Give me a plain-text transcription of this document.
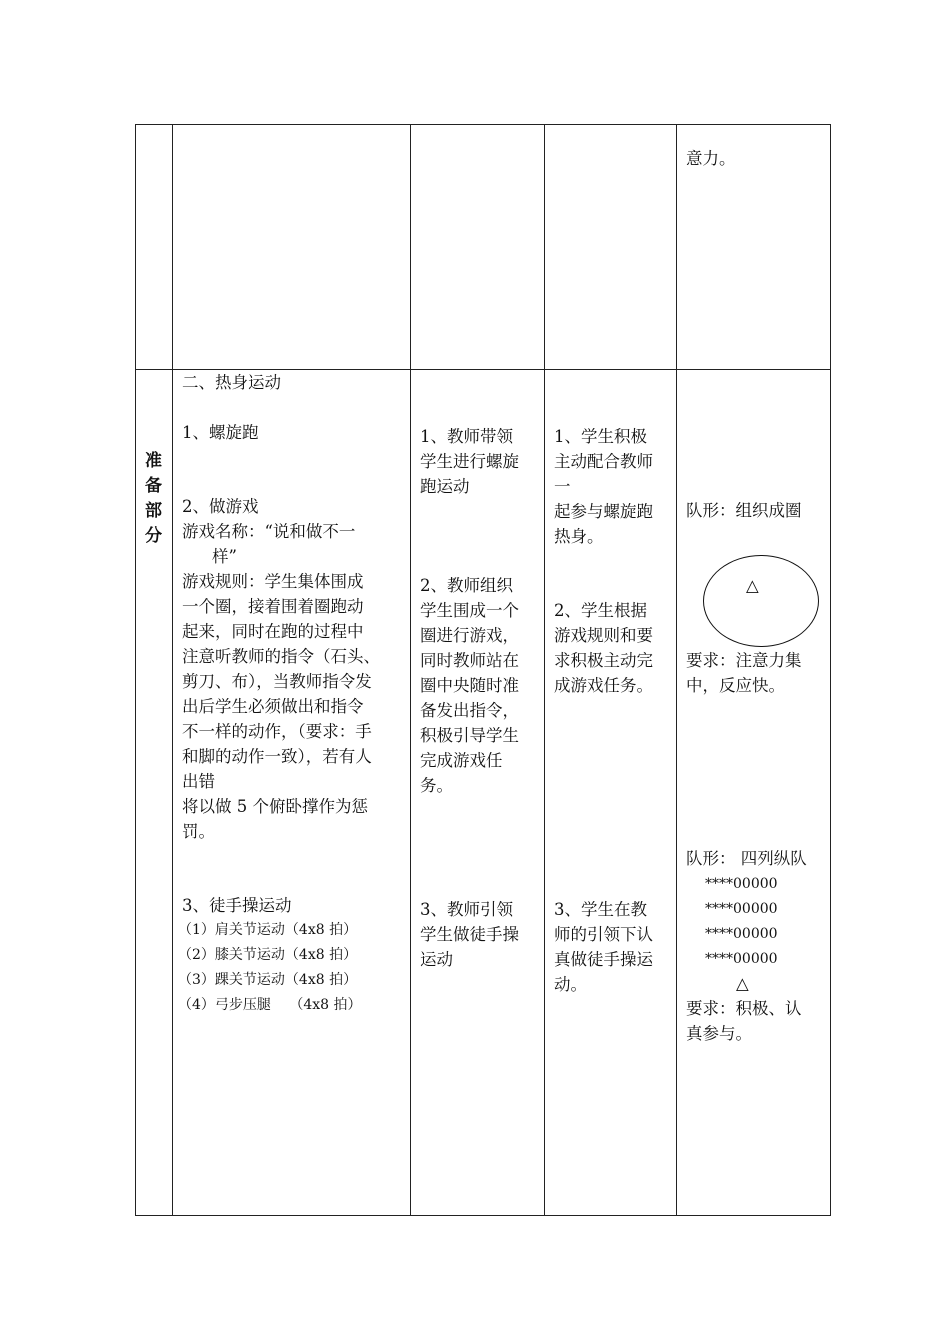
意力。
准
备
部
分
二、热身运动
1、螺旋跑
2、做游戏
游戏名称：“说和做不一
样”
游戏规则：学生集体围成
一个圈，接着围着圈跑动
起来，同时在跑的过程中
注意听教师的指令（石头、
剪刀、布），当教师指令发
出后学生必须做出和指令
不一样的动作，（要求：手
和脚的动作一致），若有人
出错
将以做 5 个俯卧撑作为惩
罚。
3、徒手操运动
（1）肩关节运动（4x8 拍）
（2）膝关节运动（4x8 拍）
（3）踝关节运动（4x8 拍）
（4）弓步压腿　 （4x8 拍）
1、教师带领
学生进行螺旋
跑运动
2、教师组织
学生围成一个
圈进行游戏，
同时教师站在
圈中央随时准
备发出指令，
积极引导学生
完成游戏任
务。
3、教师引领
学生做徒手操
运动
1、学生积极
主动配合教师
一
起参与螺旋跑
热身。
2、学生根据
游戏规则和要
求积极主动完
成游戏任务。
3、学生在教
师的引领下认
真做徒手操运
动。
队形：组织成圈
△
要求：注意力集
中，反应快。
队形： 四列纵队
****00000
****00000
****00000
****00000
△
要求：积极、认
真参与。
